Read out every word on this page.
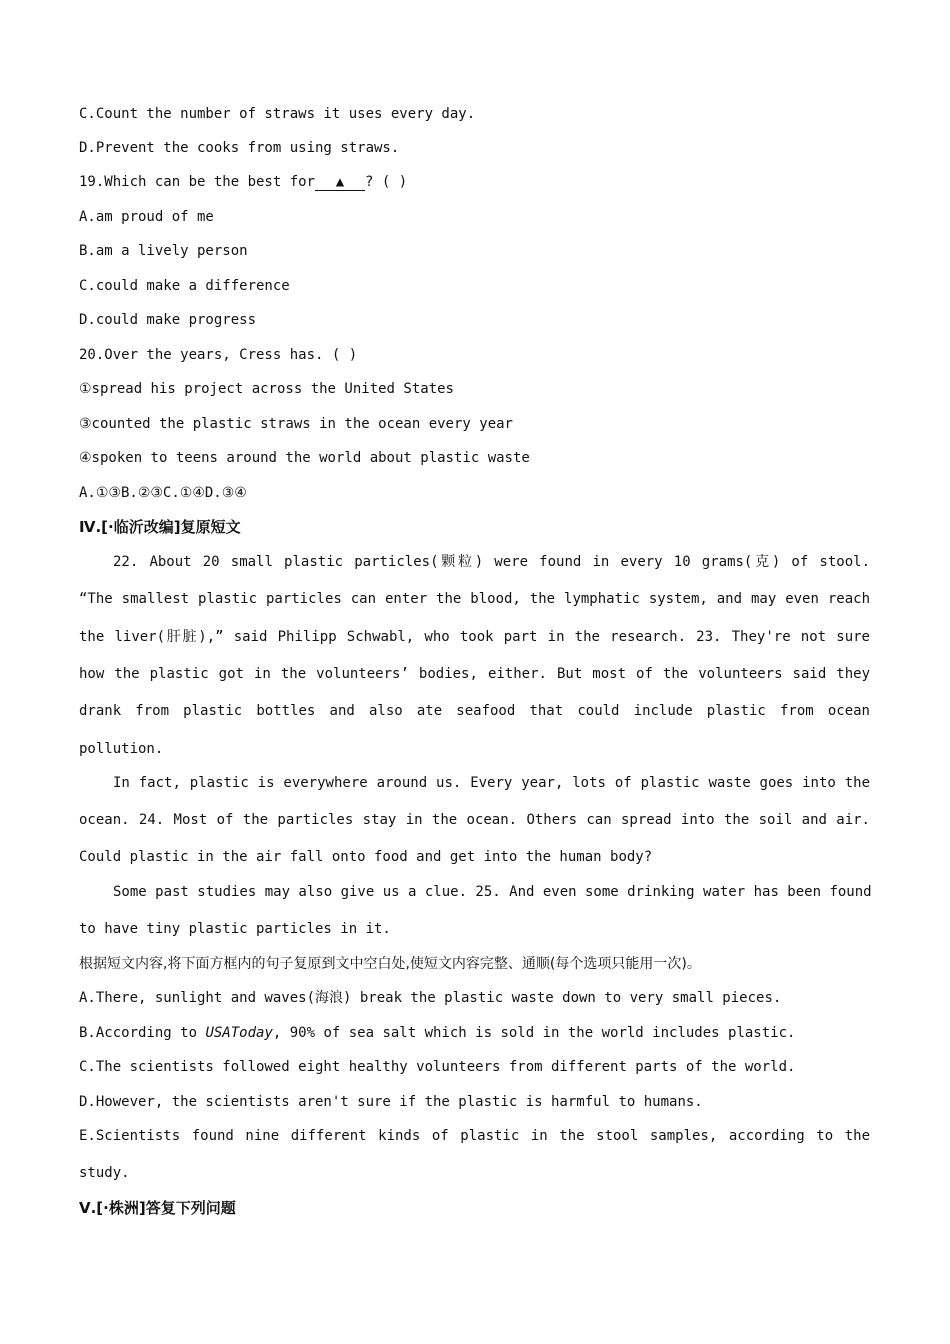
C.Count the number of straws it uses every day.
D.Prevent the cooks from using straws.
19.Which can be the best for ▲ ? ( )
A.am proud of me
B.am a lively person
C.could make a difference
D.could make progress
20.Over the years, Cress has. ( )
①spread his project across the United States
③counted the plastic straws in the ocean every year
④spoken to teens around the world about plastic waste
A.①③B.②③C.①④D.③④
Ⅳ.[·临沂改编]复原短文
22. About 20 small plastic particles(颗粒) were found in every 10 grams(克) of stool.
“The smallest plastic particles can enter the blood, the lymphatic system, and may even reach
the liver(肝脏),” said Philipp Schwabl, who took part in the research. 23. They're not sure
how the plastic got in the volunteers’ bodies, either. But most of the volunteers said they
drank from plastic bottles and also ate seafood that could include plastic from ocean
pollution.
In fact, plastic is everywhere around us. Every year, lots of plastic waste goes into the
ocean. 24. Most of the particles stay in the ocean. Others can spread into the soil and air.
Could plastic in the air fall onto food and get into the human body?
Some past studies may also give us a clue. 25. And even some drinking water has been found
to have tiny plastic particles in it.
根据短文内容,将下面方框内的句子复原到文中空白处,使短文内容完整、通顺(每个选项只能用一次)。
A.There, sunlight and waves(海浪) break the plastic waste down to very small pieces.
B.According to USAToday, 90% of sea salt which is sold in the world includes plastic.
C.The scientists followed eight healthy volunteers from different parts of the world.
D.However, the scientists aren't sure if the plastic is harmful to humans.
E.Scientists found nine different kinds of plastic in the stool samples, according to the
study.
Ⅴ.[·株洲]答复下列问题
